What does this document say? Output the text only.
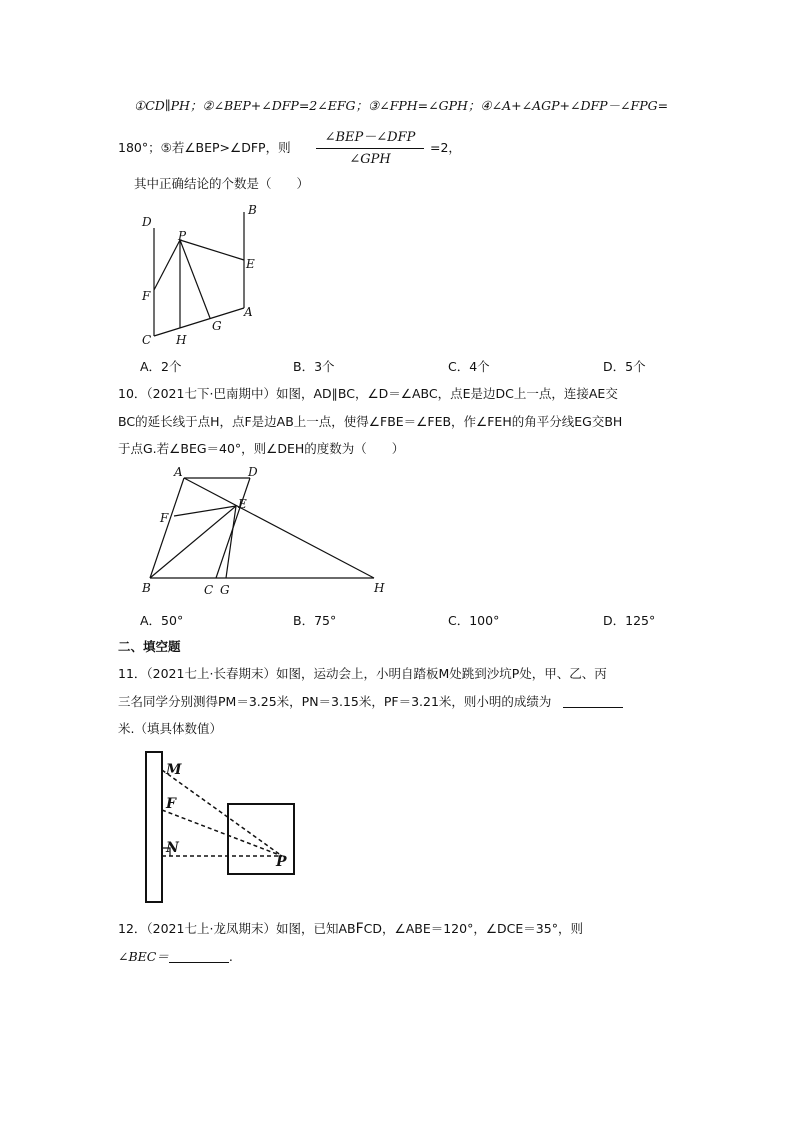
①CD∥PH；②∠BEP+∠DFP=2∠EFG；③∠FPH=∠GPH；④∠A+∠AGP+∠DFP－∠FPG=
180°；⑤若∠BEP>∠DFP，则
∠BEP－∠DFP
∠GPH
=2，
其中正确结论的个数是（　　）
D
B
P
E
F
A
G
C H
A．2个	B．3个	C．4个	D．5个
10．（2021七下·巴南期中）如图，AD∥BC，∠D＝∠ABC，点E是边DC上一点，连接AE交
BC的延长线于点H，点F是边AB上一点，使得∠FBE＝∠FEB，作∠FEH的角平分线EG交BH
于点G.若∠BEG＝40°，则∠DEH的度数为（　　）
A	D
E
F
B	C G	H
A．50°	B．75°	C．100°	D．125°
二、填空题
11．（2021七上·长春期末）如图，运动会上，小明自踏板M处跳到沙坑P处，甲、乙、丙
三名同学分别测得PM＝3.25米，PN＝3.15米，PF＝3.21米，则小明的成绩为
米.（填具体数值）
M
F
N
P
12．（2021七上·龙凤期末）如图，已知ABFCD，∠ABE＝120°，∠DCE＝35°，则
∠BEC＝	.
